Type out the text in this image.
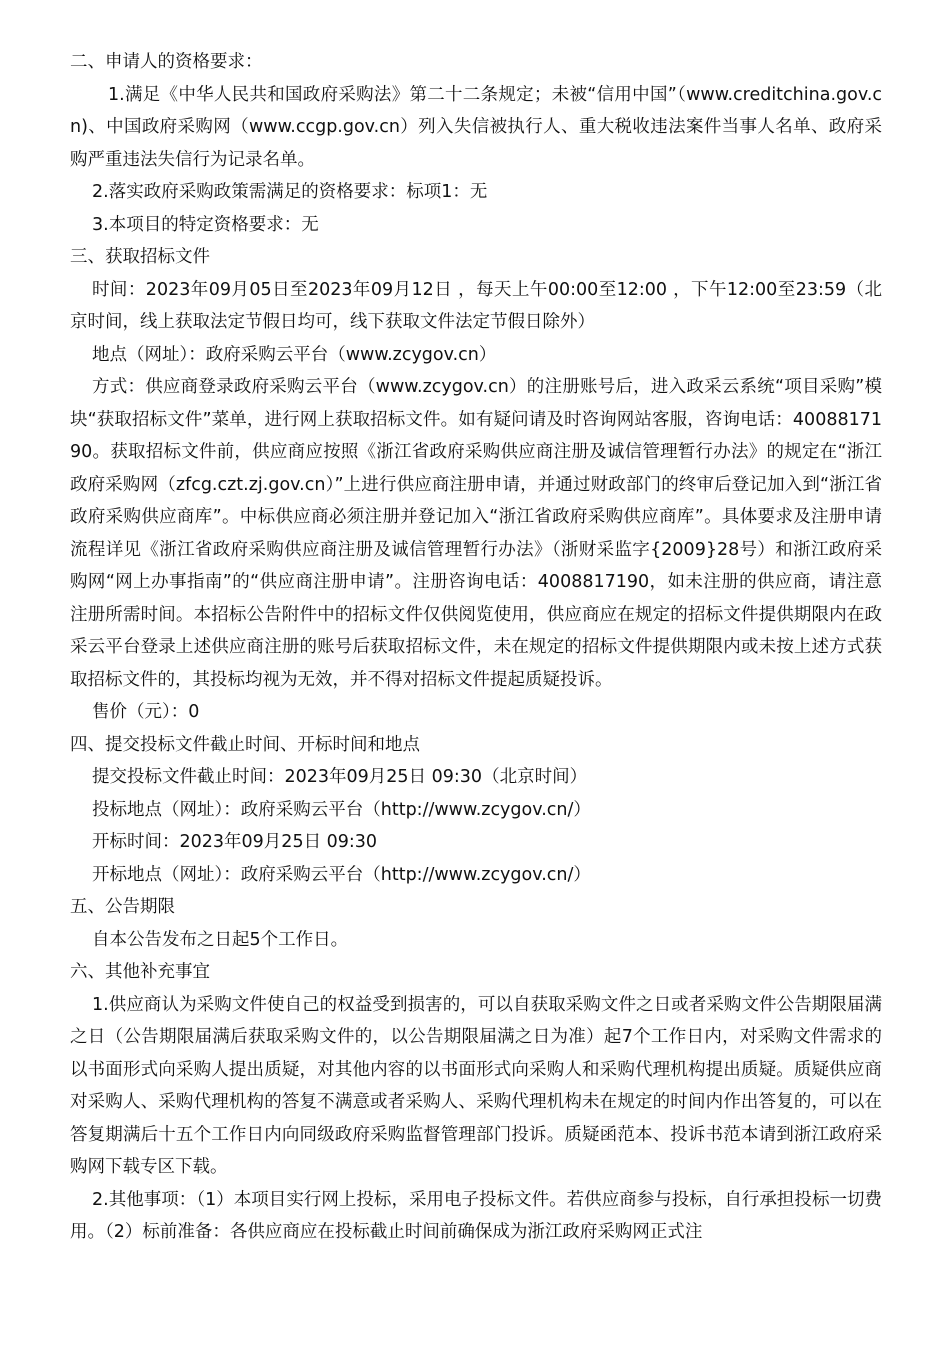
二、申请人的资格要求：
1.满足《中华人民共和国政府采购法》第二十二条规定；未被“信用中国”（www.creditchina.gov.cn)、中国政府采购网（www.ccgp.gov.cn）列入失信被执行人、重大税收违法案件当事人名单、政府采购严重违法失信行为记录名单。
2.落实政府采购政策需满足的资格要求：标项1：无
3.本项目的特定资格要求：无
三、获取招标文件
时间：2023年09月05日至2023年09月12日 ，每天上午00:00至12:00 ，下午12:00至23:59（北京时间，线上获取法定节假日均可，线下获取文件法定节假日除外）
地点（网址）：政府采购云平台（www.zcygov.cn）
方式：供应商登录政府采购云平台（www.zcygov.cn）的注册账号后，进入政采云系统“项目采购”模块“获取招标文件”菜单，进行网上获取招标文件。如有疑问请及时咨询网站客服，咨询电话：4008817190。获取招标文件前，供应商应按照《浙江省政府采购供应商注册及诚信管理暂行办法》的规定在“浙江政府采购网（zfcg.czt.zj.gov.cn）”上进行供应商注册申请，并通过财政部门的终审后登记加入到“浙江省政府采购供应商库”。中标供应商必须注册并登记加入“浙江省政府采购供应商库”。具体要求及注册申请流程详见《浙江省政府采购供应商注册及诚信管理暂行办法》（浙财采监字{2009}28号）和浙江政府采购网“网上办事指南”的“供应商注册申请”。注册咨询电话：4008817190，如未注册的供应商，请注意注册所需时间。本招标公告附件中的招标文件仅供阅览使用，供应商应在规定的招标文件提供期限内在政采云平台登录上述供应商注册的账号后获取招标文件，未在规定的招标文件提供期限内或未按上述方式获取招标文件的，其投标均视为无效，并不得对招标文件提起质疑投诉。
售价（元）：0
四、提交投标文件截止时间、开标时间和地点
提交投标文件截止时间：2023年09月25日 09:30（北京时间）
投标地点（网址）：政府采购云平台（http://www.zcygov.cn/）
开标时间：2023年09月25日 09:30
开标地点（网址）：政府采购云平台（http://www.zcygov.cn/）
五、公告期限
自本公告发布之日起5个工作日。
六、其他补充事宜
1.供应商认为采购文件使自己的权益受到损害的，可以自获取采购文件之日或者采购文件公告期限届满之日（公告期限届满后获取采购文件的，以公告期限届满之日为准）起7个工作日内，对采购文件需求的以书面形式向采购人提出质疑，对其他内容的以书面形式向采购人和采购代理机构提出质疑。质疑供应商对采购人、采购代理机构的答复不满意或者采购人、采购代理机构未在规定的时间内作出答复的，可以在答复期满后十五个工作日内向同级政府采购监督管理部门投诉。质疑函范本、投诉书范本请到浙江政府采购网下载专区下载。
2.其他事项：（1）本项目实行网上投标，采用电子投标文件。若供应商参与投标，自行承担投标一切费用。（2）标前准备：各供应商应在投标截止时间前确保成为浙江政府采购网正式注
